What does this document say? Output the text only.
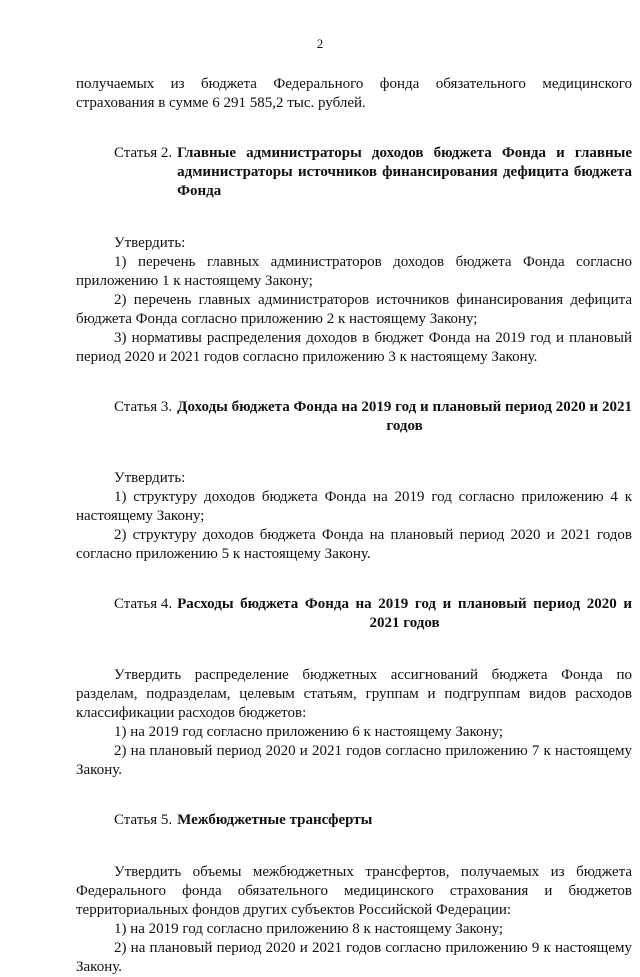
2

получаемых из бюджета Федерального фонда обязательного медицинского страхования в сумме 6 291 585,2 тыс. рублей.

Статья 2. Главные администраторы доходов бюджета Фонда и главные администраторы источников финансирования дефицита бюджета Фонда

Утвердить:

1) перечень главных администраторов доходов бюджета Фонда согласно приложению 1 к настоящему Закону;

2) перечень главных администраторов источников финансирования дефицита бюджета Фонда согласно приложению 2 к настоящему Закону;

3) нормативы распределения доходов в бюджет Фонда на 2019 год и плановый период 2020 и 2021 годов согласно приложению 3 к настоящему Закону.

Статья 3. Доходы бюджета Фонда на 2019 год и плановый период 2020 и 2021 годов

Утвердить:

1) структуру доходов бюджета Фонда на 2019 год согласно приложению 4 к настоящему Закону;

2) структуру доходов бюджета Фонда на плановый период 2020 и 2021 годов согласно приложению 5 к настоящему Закону.

Статья 4. Расходы бюджета Фонда на 2019 год и плановый период 2020 и 2021 годов

Утвердить распределение бюджетных ассигнований бюджета Фонда по разделам, подразделам, целевым статьям, группам и подгруппам видов расходов классификации расходов бюджетов:

1) на 2019 год согласно приложению 6 к настоящему Закону;

2) на плановый период 2020 и 2021 годов согласно приложению 7 к настоящему Закону.

Статья 5. Межбюджетные трансферты

Утвердить объемы межбюджетных трансфертов, получаемых из бюджета Федерального фонда обязательного медицинского страхования и бюджетов территориальных фондов других субъектов Российской Федерации:

1) на 2019 год согласно приложению 8 к настоящему Закону;

2) на плановый период 2020 и 2021 годов согласно приложению 9 к настоящему Закону.
